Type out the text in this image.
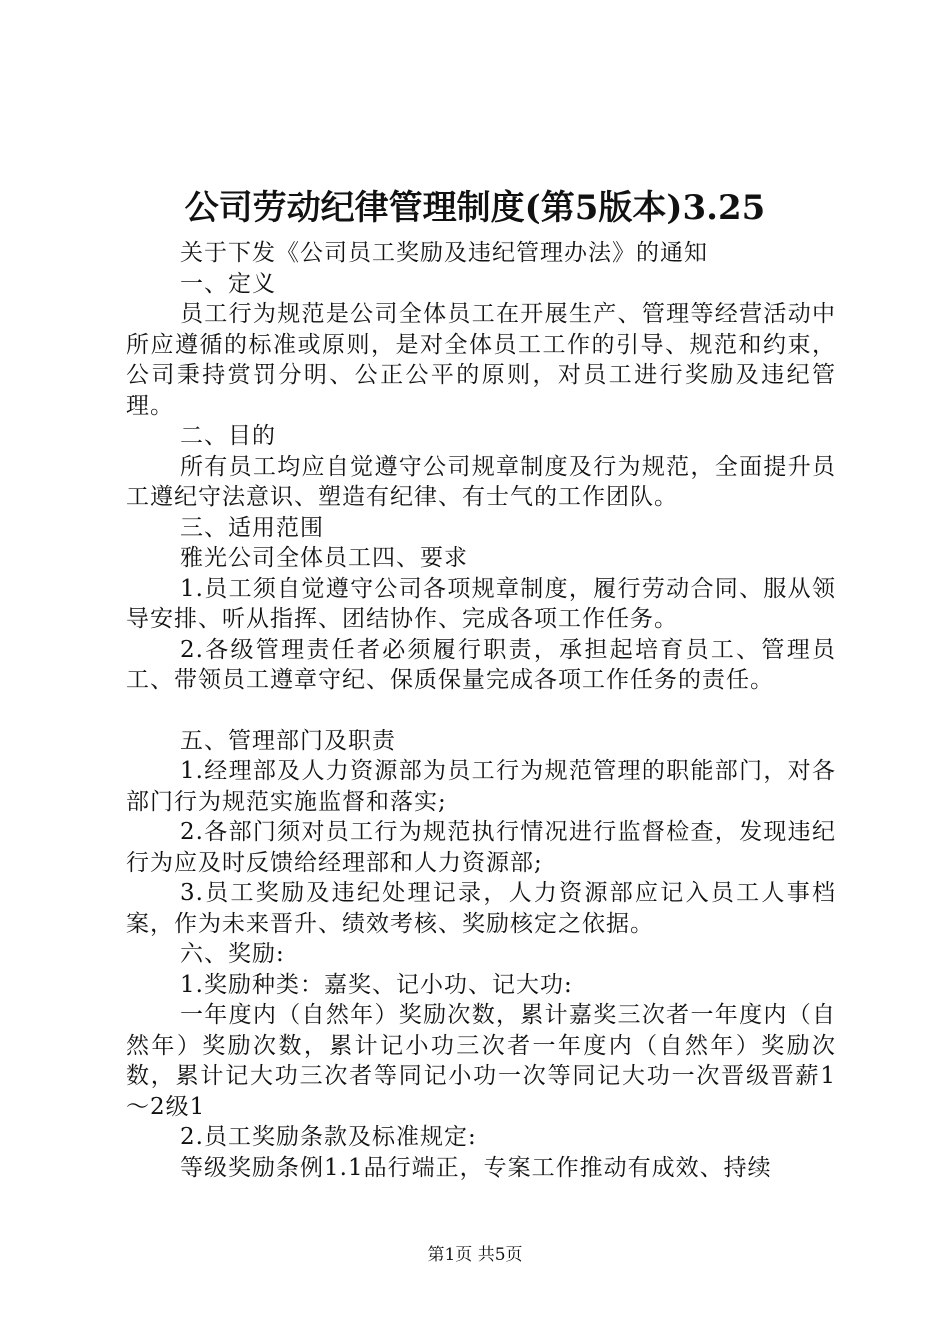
公司劳动纪律管理制度(第5版本)3.25

关于下发《公司员工奖励及违纪管理办法》的通知

一、定义

员工行为规范是公司全体员工在开展生产、管理等经营活动中所应遵循的标准或原则，是对全体员工工作的引导、规范和约束，公司秉持赏罚分明、公正公平的原则，对员工进行奖励及违纪管理。

二、目的

所有员工均应自觉遵守公司规章制度及行为规范，全面提升员工遵纪守法意识、塑造有纪律、有士气的工作团队。

三、适用范围

雅光公司全体员工四、要求

1.员工须自觉遵守公司各项规章制度，履行劳动合同、服从领导安排、听从指挥、团结协作、完成各项工作任务。

2.各级管理责任者必须履行职责，承担起培育员工、管理员工、带领员工遵章守纪、保质保量完成各项工作任务的责任。

五、管理部门及职责

1.经理部及人力资源部为员工行为规范管理的职能部门，对各部门行为规范实施监督和落实;

2.各部门须对员工行为规范执行情况进行监督检查，发现违纪行为应及时反馈给经理部和人力资源部;

3.员工奖励及违纪处理记录，人力资源部应记入员工人事档案，作为未来晋升、绩效考核、奖励核定之依据。

六、奖励:

1.奖励种类：嘉奖、记小功、记大功:

一年度内（自然年）奖励次数，累计嘉奖三次者一年度内（自然年）奖励次数，累计记小功三次者一年度内（自然年）奖励次数，累计记大功三次者等同记小功一次等同记大功一次晋级晋薪1～2级1

2.员工奖励条款及标准规定:

等级奖励条例1.1品行端正，专案工作推动有成效、持续

第1页 共5页
